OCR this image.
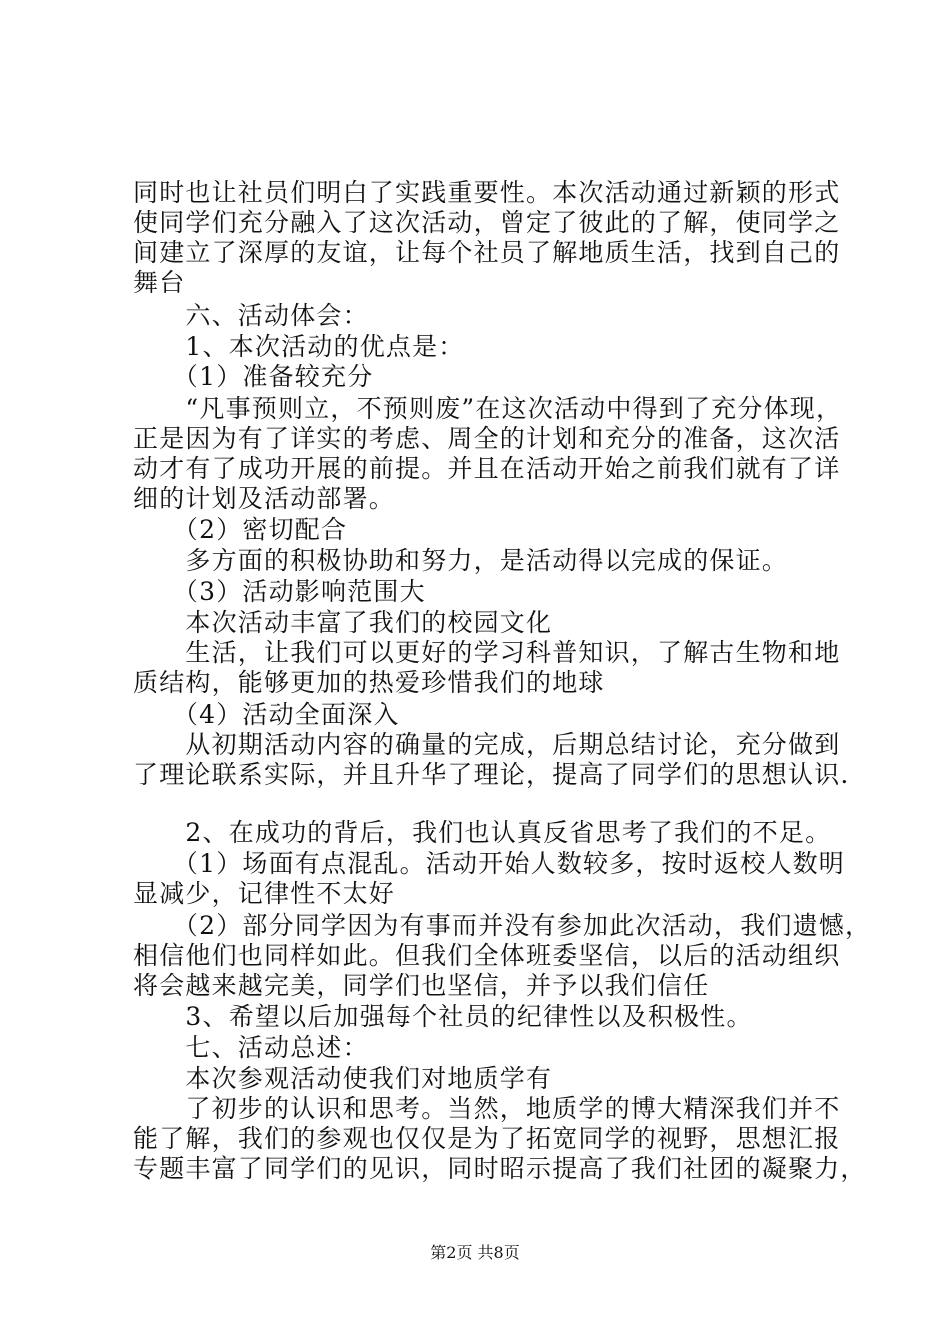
同时也让社员们明白了实践重要性。本次活动通过新颖的形式
使同学们充分融入了这次活动，曾定了彼此的了解，使同学之
间建立了深厚的友谊，让每个社员了解地质生活，找到自己的
舞台
　　六、活动体会：
　　1、本次活动的优点是：
　　（1）准备较充分
　　“凡事预则立，不预则废”在这次活动中得到了充分体现，
正是因为有了详实的考虑、周全的计划和充分的准备，这次活
动才有了成功开展的前提。并且在活动开始之前我们就有了详
细的计划及活动部署。
　　（2）密切配合
　　多方面的积极协助和努力，是活动得以完成的保证。
　　（3）活动影响范围大
　　本次活动丰富了我们的校园文化
　　生活，让我们可以更好的学习科普知识，了解古生物和地
质结构，能够更加的热爱珍惜我们的地球
　　（4）活动全面深入
　　从初期活动内容的确量的完成，后期总结讨论，充分做到
了理论联系实际，并且升华了理论，提高了同学们的思想认识.
　　2、在成功的背后，我们也认真反省思考了我们的不足。
　　（1）场面有点混乱。活动开始人数较多，按时返校人数明
显减少，记律性不太好
　　（2）部分同学因为有事而并没有参加此次活动，我们遗憾，
相信他们也同样如此。但我们全体班委坚信，以后的活动组织
将会越来越完美，同学们也坚信，并予以我们信任
　　3、希望以后加强每个社员的纪律性以及积极性。
　　七、活动总述：
　　本次参观活动使我们对地质学有
　　了初步的认识和思考。当然，地质学的博大精深我们并不
能了解，我们的参观也仅仅是为了拓宽同学的视野，思想汇报
专题丰富了同学们的见识，同时昭示提高了我们社团的凝聚力，
第2页 共8页
